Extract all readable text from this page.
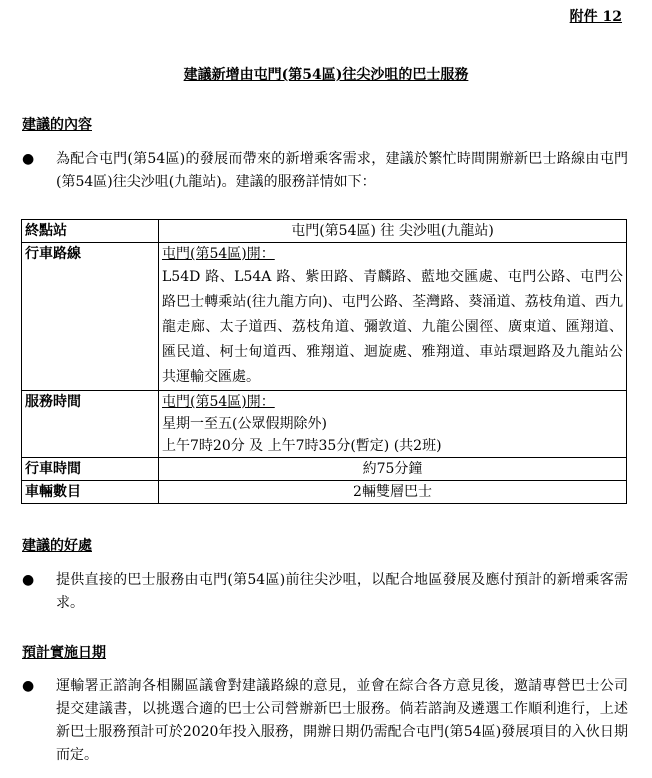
附件 12
建議新增由屯門(第54區)往尖沙咀的巴士服務
建議的內容
● 為配合屯門(第54區)的發展而帶來的新增乘客需求，建議於繁忙時間開辦新巴士路線由屯門(第54區)往尖沙咀(九龍站)。建議的服務詳情如下：
終點站	屯門(第54區) 往 尖沙咀(九龍站)
行車路線	屯門(第54區)開：
L54D 路、L54A 路、紫田路、青麟路、藍地交匯處、屯門公路、屯門公路巴士轉乘站(往九龍方向)、屯門公路、荃灣路、葵涌道、荔枝角道、西九龍走廊、太子道西、荔枝角道、彌敦道、九龍公園徑、廣東道、匯翔道、匯民道、柯士甸道西、雅翔道、迴旋處、雅翔道、車站環迴路及九龍站公共運輸交匯處。

服務時間	屯門(第54區)開：
星期一至五(公眾假期除外)
上午7時20分 及 上午7時35分(暫定) (共2班)

行車時間	約75分鐘
車輛數目	2輛雙層巴士
建議的好處
● 提供直接的巴士服務由屯門(第54區)前往尖沙咀，以配合地區發展及應付預計的新增乘客需求。
預計實施日期
● 運輸署正諮詢各相關區議會對建議路線的意見，並會在綜合各方意見後，邀請專營巴士公司提交建議書，以挑選合適的巴士公司營辦新巴士服務。倘若諮詢及遴選工作順利進行，上述新巴士服務預計可於2020年投入服務，開辦日期仍需配合屯門(第54區)發展項目的入伙日期而定。
